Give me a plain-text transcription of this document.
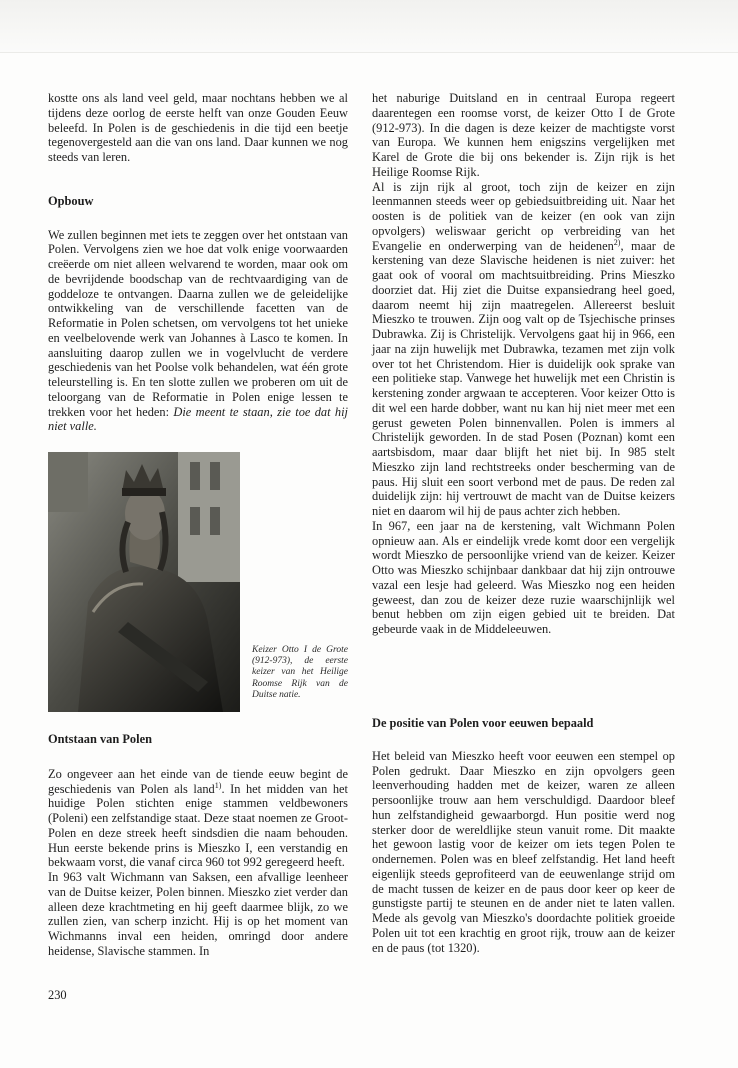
kostte ons als land veel geld, maar nochtans hebben we al tijdens deze oorlog de eerste helft van onze Gouden Eeuw beleefd. In Polen is de geschiedenis in die tijd een beetje tegenovergesteld aan die van ons land. Daar kunnen we nog steeds van leren.

Opbouw

We zullen beginnen met iets te zeggen over het ontstaan van Polen. Vervolgens zien we hoe dat volk enige voorwaarden creëerde om niet alleen welvarend te worden, maar ook om de bevrijdende boodschap van de rechtvaardiging van de goddeloze te ontvangen. Daarna zullen we de geleidelijke ontwikkeling van de verschillende facetten van de Reformatie in Polen schetsen, om vervolgens tot het unieke en veelbelovende werk van Johannes à Lasco te komen. In aansluiting daarop zullen we in vogelvlucht de verdere geschiedenis van het Poolse volk behandelen, wat één grote teleurstelling is. En ten slotte zullen we proberen om uit de teloorgang van de Reformatie in Polen enige lessen te trekken voor het heden: Die meent te staan, zie toe dat hij niet valle.

Keizer Otto I de Grote (912-973), de eerste keizer van het Heilige Roomse Rijk van de Duitse natie.
Ontstaan van Polen

Zo ongeveer aan het einde van de tiende eeuw begint de geschiedenis van Polen als land$^{1)}$. In het midden van het huidige Polen stichten enige stammen veldbewoners (Poleni) een zelfstandige staat. Deze staat noemen ze Groot-Polen en deze streek heeft sindsdien die naam behouden. Hun eerste bekende prins is Mieszko I, een verstandig en bekwaam vorst, die vanaf circa 960 tot 992 geregeerd heeft.

In 963 valt Wichmann van Saksen, een afvallige leenheer van de Duitse keizer, Polen binnen. Mieszko ziet verder dan alleen deze krachtmeting en hij geeft daarmee blijk, zo we zullen zien, van scherp inzicht. Hij is op het moment van Wichmanns inval een heiden, omringd door andere heidense, Slavische stammen. In

het naburige Duitsland en in centraal Europa regeert daarentegen een roomse vorst, de keizer Otto I de Grote (912-973). In die dagen is deze keizer de machtigste vorst van Europa. We kunnen hem enigszins vergelijken met Karel de Grote die bij ons bekender is. Zijn rijk is het Heilige Roomse Rijk.

Al is zijn rijk al groot, toch zijn de keizer en zijn leenmannen steeds weer op gebiedsuitbreiding uit. Naar het oosten is de politiek van de keizer (en ook van zijn opvolgers) weliswaar gericht op verbreiding van het Evangelie en onderwerping van de heidenen$^{2)}$, maar de kerstening van deze Slavische heidenen is niet zuiver: het gaat ook of vooral om machtsuitbreiding. Prins Mieszko doorziet dat. Hij ziet die Duitse expansiedrang heel goed, daarom neemt hij zijn maatregelen. Allereerst besluit Mieszko te trouwen. Zijn oog valt op de Tsjechische prinses Dubrawka. Zij is Christelijk. Vervolgens gaat hij in 966, een jaar na zijn huwelijk met Dubrawka, tezamen met zijn volk over tot het Christendom. Hier is duidelijk ook sprake van een politieke stap. Vanwege het huwelijk met een Christin is kerstening zonder argwaan te accepteren. Voor keizer Otto is dit wel een harde dobber, want nu kan hij niet meer met een gerust geweten Polen binnenvallen. Polen is immers al Christelijk geworden. In de stad Posen (Poznan) komt een aartsbisdom, maar daar blijft het niet bij. In 985 stelt Mieszko zijn land rechtstreeks onder bescherming van de paus. Hij sluit een soort verbond met de paus. De reden zal duidelijk zijn: hij vertrouwt de macht van de Duitse keizers niet en daarom wil hij de paus achter zich hebben.

In 967, een jaar na de kerstening, valt Wichmann Polen opnieuw aan. Als er eindelijk vrede komt door een vergelijk wordt Mieszko de persoonlijke vriend van de keizer. Keizer Otto was Mieszko schijnbaar dankbaar dat hij zijn ontrouwe vazal een lesje had geleerd. Was Mieszko nog een heiden geweest, dan zou de keizer deze ruzie waarschijnlijk wel benut hebben om zijn eigen gebied uit te breiden. Dat gebeurde vaak in de Middeleeuwen.

De positie van Polen voor eeuwen bepaald

Het beleid van Mieszko heeft voor eeuwen een stempel op Polen gedrukt. Daar Mieszko en zijn opvolgers geen leenverhouding hadden met de keizer, waren ze alleen persoonlijke trouw aan hem verschuldigd. Daardoor bleef hun zelfstandigheid gewaarborgd. Hun positie werd nog sterker door de wereldlijke steun vanuit rome. Dit maakte het gewoon lastig voor de keizer om iets tegen Polen te ondernemen. Polen was en bleef zelfstandig. Het land heeft eigenlijk steeds geprofiteerd van de eeuwenlange strijd om de macht tussen de keizer en de paus door keer op keer de gunstigste partij te steunen en de ander niet te laten vallen. Mede als gevolg van Mieszko's doordachte politiek groeide Polen uit tot een krachtig en groot rijk, trouw aan de keizer en de paus (tot 1320).

230
